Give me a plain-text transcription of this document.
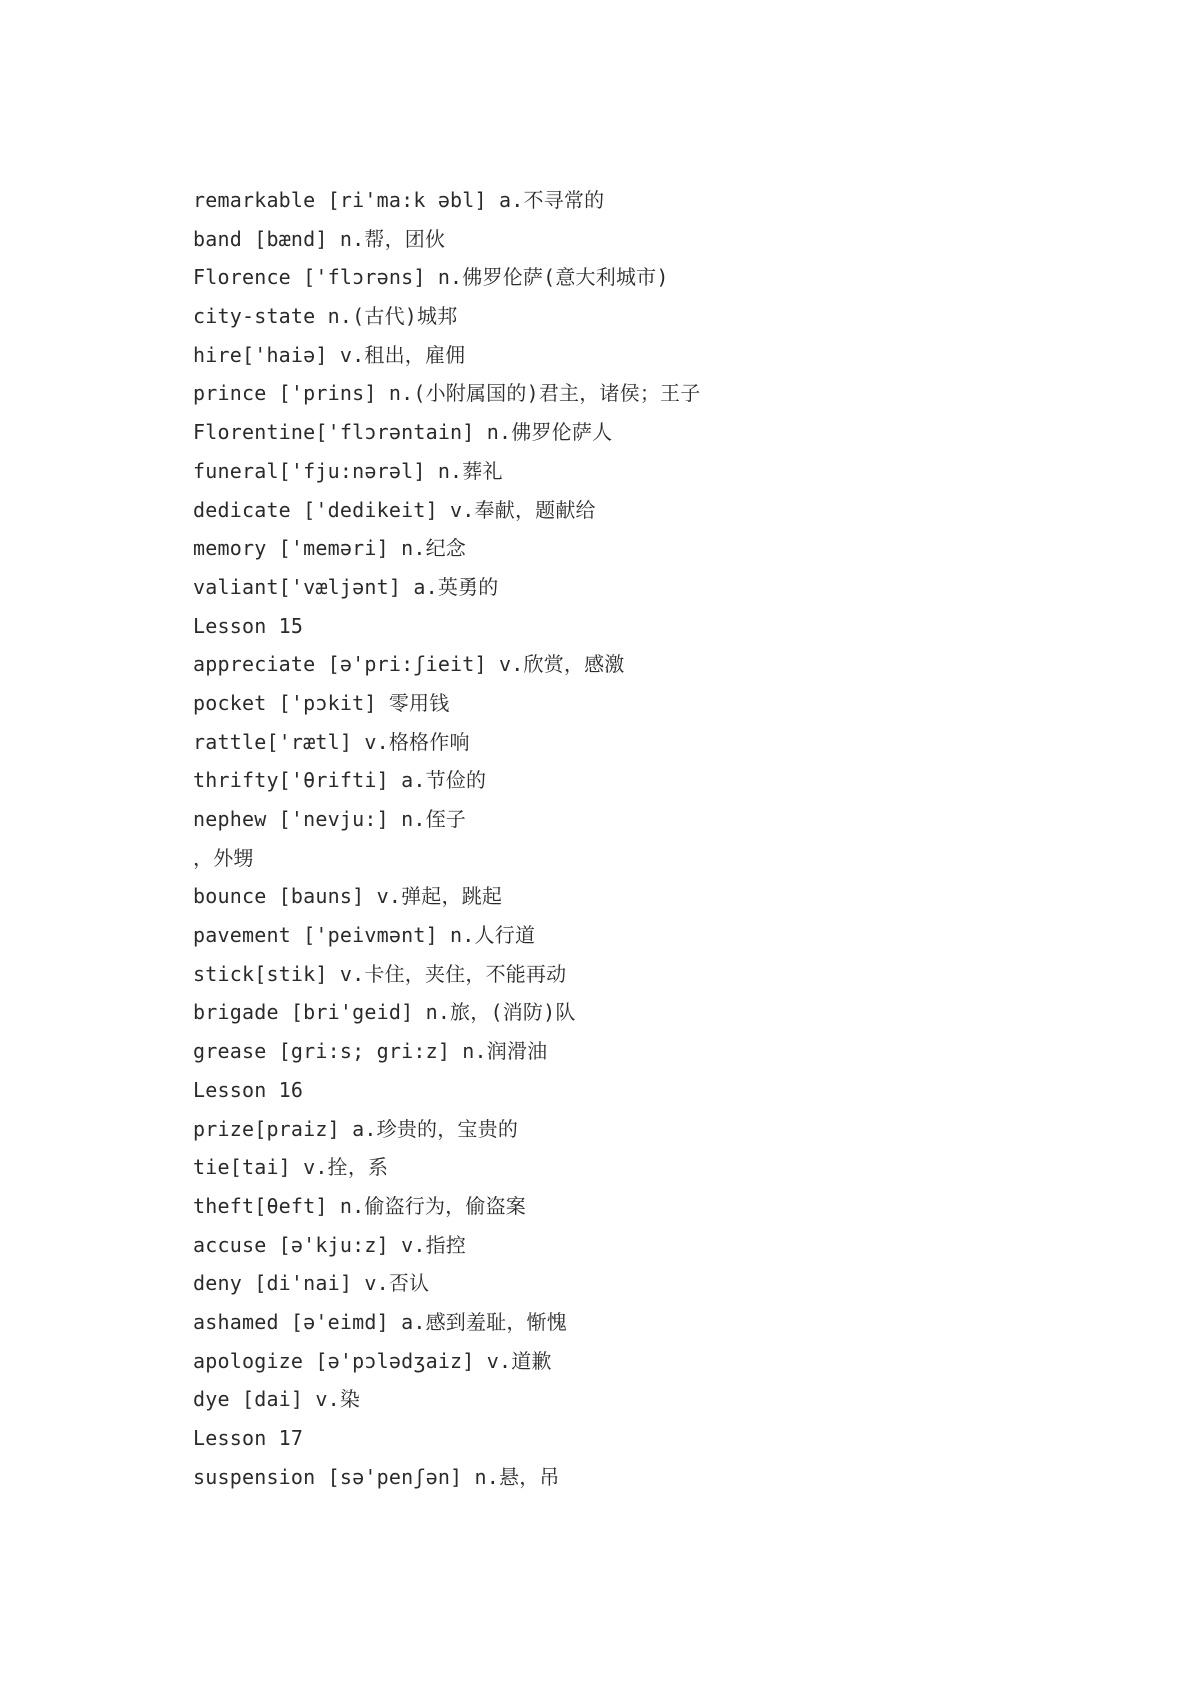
remarkable [ri'ma:k əbl] a.不寻常的
band [bænd] n.帮，团伙
Florence ['flɔrəns] n.佛罗伦萨(意大利城市)
city-state n.(古代)城邦
hire['haiə] v.租出，雇佣
prince ['prins] n.(小附属国的)君主，诸侯；王子
Florentine['flɔrəntain] n.佛罗伦萨人
funeral['fju:nərəl] n.葬礼
dedicate ['dedikeit] v.奉献，题献给
memory ['meməri] n.纪念
valiant['væljənt] a.英勇的
Lesson 15
appreciate [ə'pri:ʃieit] v.欣赏，感激
pocket ['pɔkit] 零用钱
rattle['rætl] v.格格作响
thrifty['θrifti] a.节俭的
nephew ['nevju:] n.侄子
，外甥
bounce [bauns] v.弹起，跳起
pavement ['peivmənt] n.人行道
stick[stik] v.卡住，夹住，不能再动
brigade [bri'geid] n.旅，(消防)队
grease [gri:s; gri:z] n.润滑油
Lesson 16
prize[praiz] a.珍贵的，宝贵的
tie[tai] v.拴，系
theft[θeft] n.偷盗行为，偷盗案
accuse [ə'kju:z] v.指控
deny [di'nai] v.否认
ashamed [ə'eimd] a.感到羞耻，惭愧
apologize [ə'pɔlədʒaiz] v.道歉
dye [dai] v.染
Lesson 17
suspension [sə'penʃən] n.悬，吊
